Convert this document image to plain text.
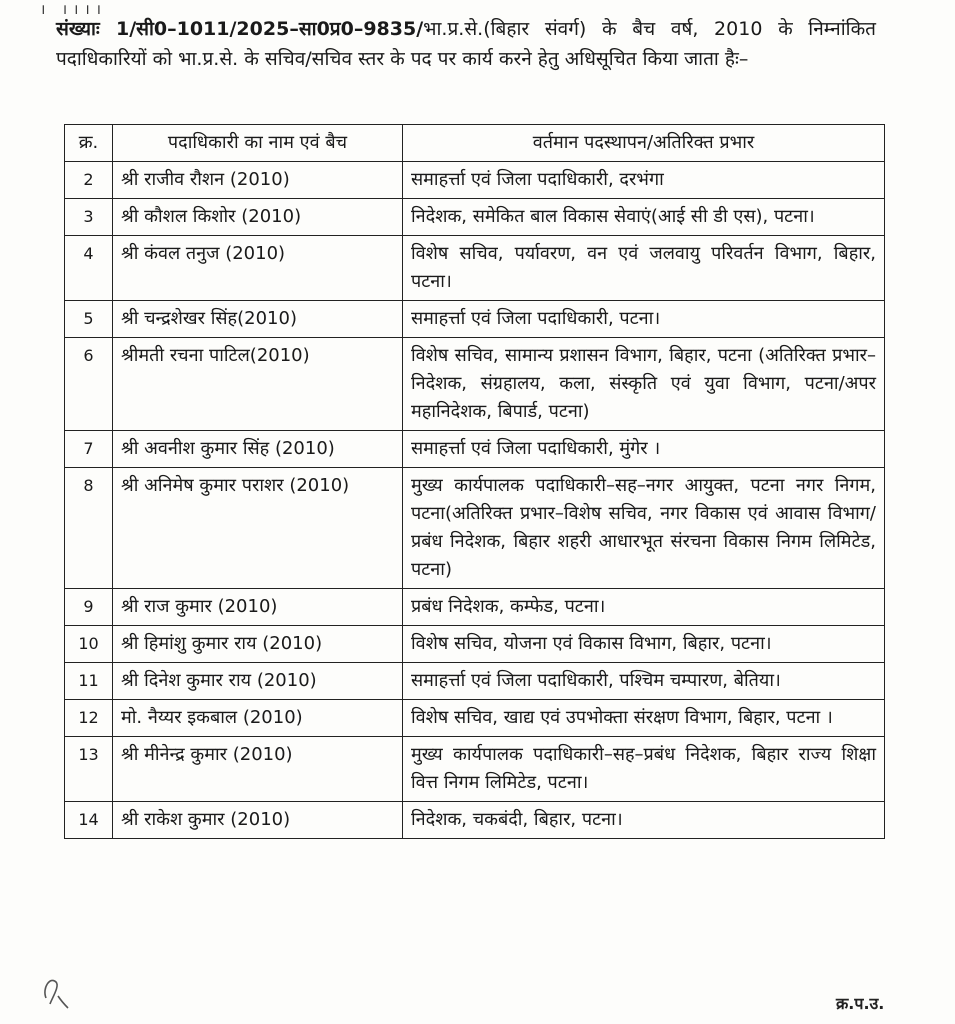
। ।।।।
संख्याः 1/सी0–1011/2025–सा0प्र0–9835/भा.प्र.से.(बिहार संवर्ग) के बैच वर्ष, 2010 के निम्नांकित पदाधिकारियों को भा.प्र.से. के सचिव/सचिव स्तर के पद पर कार्य करने हेतु अधिसूचित किया जाता हैः–
क्र.	पदाधिकारी का नाम एवं बैच	वर्तमान पदस्थापन/अतिरिक्त प्रभार
2	श्री राजीव रौशन (2010)	समाहर्त्ता एवं जिला पदाधिकारी, दरभंगा
3	श्री कौशल किशोर (2010)	निदेशक, समेकित बाल विकास सेवाएं(आई सी डी एस), पटना।
4	श्री कंवल तनुज (2010)	विशेष सचिव, पर्यावरण, वन एवं जलवायु परिवर्तन विभाग, बिहार, पटना।
5	श्री चन्द्रशेखर सिंह(2010)	समाहर्त्ता एवं जिला पदाधिकारी, पटना।
6	श्रीमती रचना पाटिल(2010)	विशेष सचिव, सामान्य प्रशासन विभाग, बिहार, पटना (अतिरिक्त प्रभार–निदेशक, संग्रहालय, कला, संस्कृति एवं युवा विभाग, पटना/अपर महानिदेशक, बिपार्ड, पटना)
7	श्री अवनीश कुमार सिंह (2010)	समाहर्त्ता एवं जिला पदाधिकारी, मुंगेर ।
8	श्री अनिमेष कुमार पराशर (2010)	मुख्य कार्यपालक पदाधिकारी–सह–नगर आयुक्त, पटना नगर निगम, पटना(अतिरिक्त प्रभार–विशेष सचिव, नगर विकास एवं आवास विभाग/प्रबंध निदेशक, बिहार शहरी आधारभूत संरचना विकास निगम लिमिटेड, पटना)
9	श्री राज कुमार (2010)	प्रबंध निदेशक, कम्फेड, पटना।
10	श्री हिमांशु कुमार राय (2010)	विशेष सचिव, योजना एवं विकास विभाग, बिहार, पटना।
11	श्री दिनेश कुमार राय (2010)	समाहर्त्ता एवं जिला पदाधिकारी, पश्चिम चम्पारण, बेतिया।
12	मो. नैय्यर इकबाल (2010)	विशेष सचिव, खाद्य एवं उपभोक्ता संरक्षण विभाग, बिहार, पटना ।
13	श्री मीनेन्द्र कुमार (2010)	मुख्य कार्यपालक पदाधिकारी–सह–प्रबंध निदेशक, बिहार राज्य शिक्षा वित्त निगम लिमिटेड, पटना।
14	श्री राकेश कुमार (2010)	निदेशक, चकबंदी, बिहार, पटना।
क्र.प.उ.
